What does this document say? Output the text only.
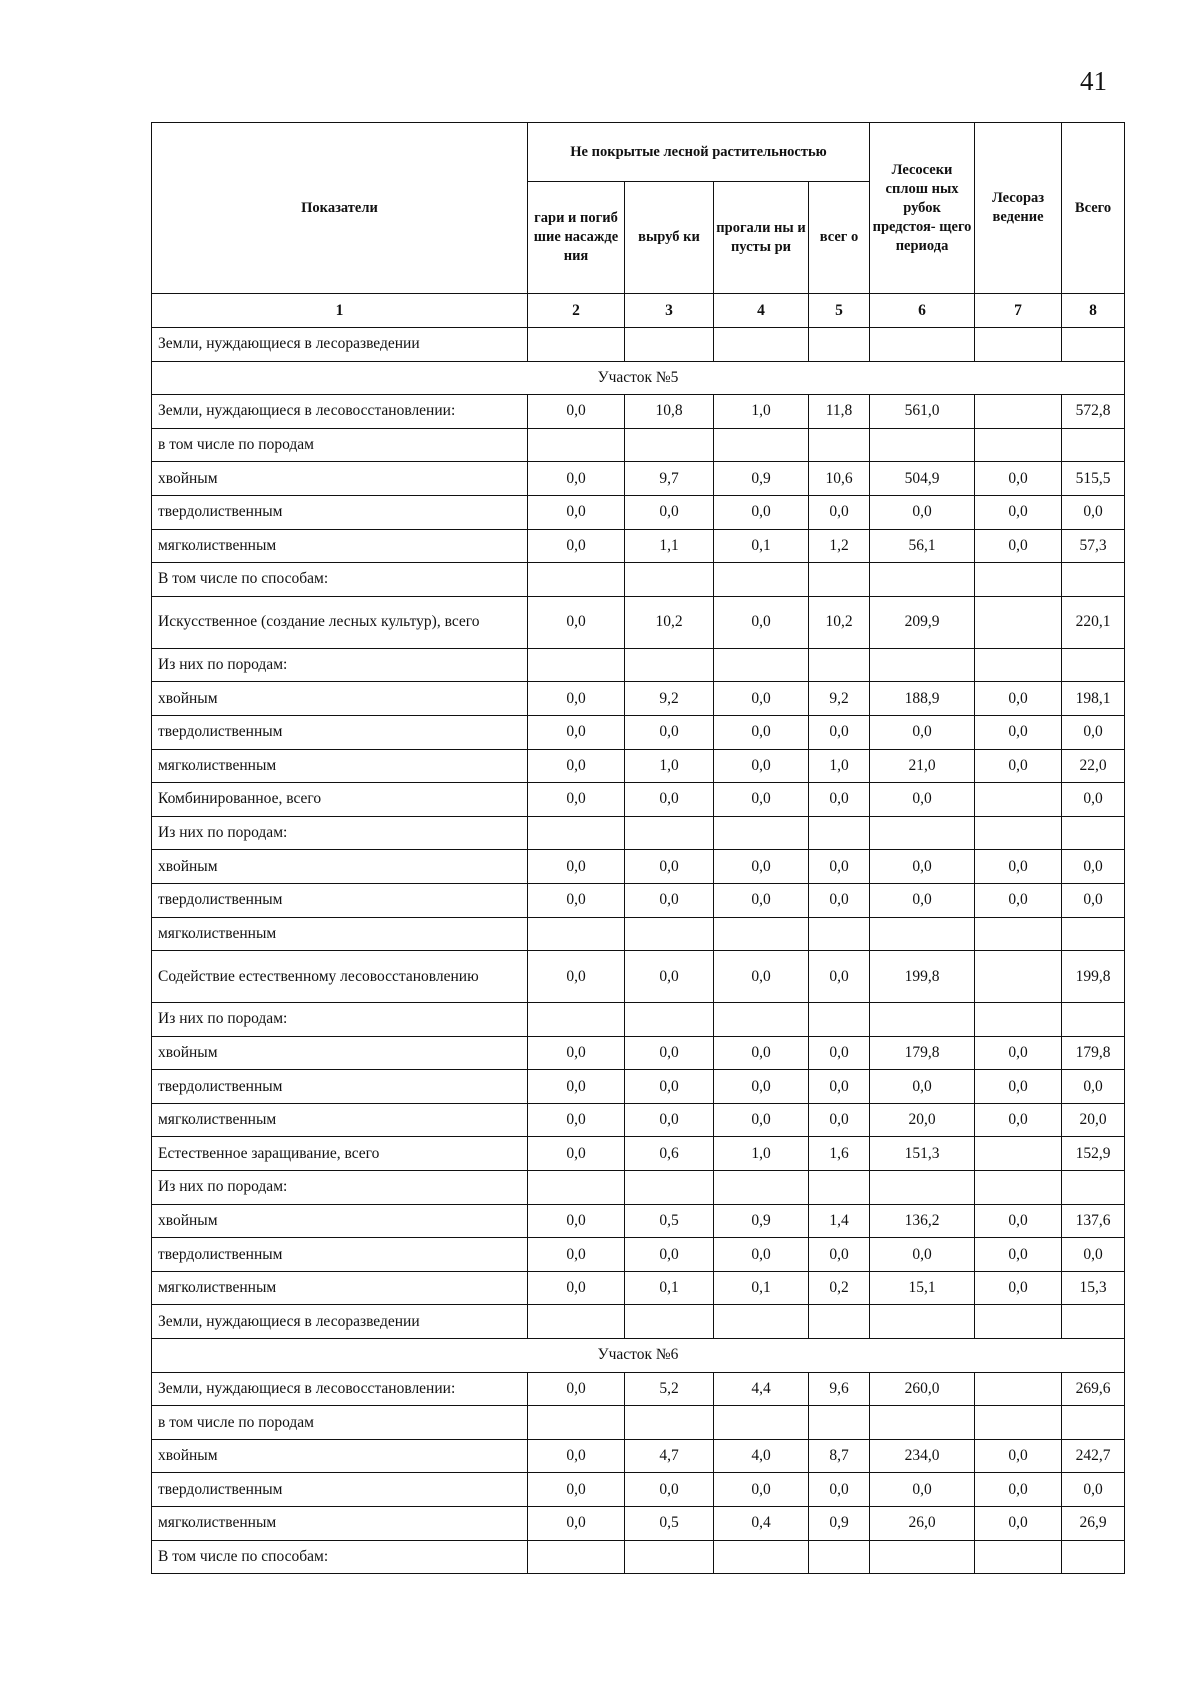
41
Показатели	Не покрытые лесной растительностью				Лесосеки сплош ных рубок предстоя- щего периода	Лесораз ведение	Всего
	гари и погиб шие насажде ния	выруб ки	прогали ны и пусты ри	всег о			
1	2	3	4	5	6	7	8
Земли, нуждающиеся в лесоразведении							
Участок №5							
Земли, нуждающиеся в лесовосстановлении:	0,0	10,8	1,0	11,8	561,0		572,8
в том числе по породам							
хвойным	0,0	9,7	0,9	10,6	504,9	0,0	515,5
твердолиственным	0,0	0,0	0,0	0,0	0,0	0,0	0,0
мягколиственным	0,0	1,1	0,1	1,2	56,1	0,0	57,3
В том числе по способам:							
Искусственное (создание лесных культур), всего	0,0	10,2	0,0	10,2	209,9		220,1
Из них по породам:							
хвойным	0,0	9,2	0,0	9,2	188,9	0,0	198,1
твердолиственным	0,0	0,0	0,0	0,0	0,0	0,0	0,0
мягколиственным	0,0	1,0	0,0	1,0	21,0	0,0	22,0
Комбинированное, всего	0,0	0,0	0,0	0,0	0,0		0,0
Из них по породам:							
хвойным	0,0	0,0	0,0	0,0	0,0	0,0	0,0
твердолиственным	0,0	0,0	0,0	0,0	0,0	0,0	0,0
мягколиственным							
Содействие естественному лесовосстановлению	0,0	0,0	0,0	0,0	199,8		199,8
Из них по породам:							
хвойным	0,0	0,0	0,0	0,0	179,8	0,0	179,8
твердолиственным	0,0	0,0	0,0	0,0	0,0	0,0	0,0
мягколиственным	0,0	0,0	0,0	0,0	20,0	0,0	20,0
Естественное заращивание, всего	0,0	0,6	1,0	1,6	151,3		152,9
Из них по породам:							
хвойным	0,0	0,5	0,9	1,4	136,2	0,0	137,6
твердолиственным	0,0	0,0	0,0	0,0	0,0	0,0	0,0
мягколиственным	0,0	0,1	0,1	0,2	15,1	0,0	15,3
Земли, нуждающиеся в лесоразведении							
Участок №6							
Земли, нуждающиеся в лесовосстановлении:	0,0	5,2	4,4	9,6	260,0		269,6
в том числе по породам							
хвойным	0,0	4,7	4,0	8,7	234,0	0,0	242,7
твердолиственным	0,0	0,0	0,0	0,0	0,0	0,0	0,0
мягколиственным	0,0	0,5	0,4	0,9	26,0	0,0	26,9
В том числе по способам:							
